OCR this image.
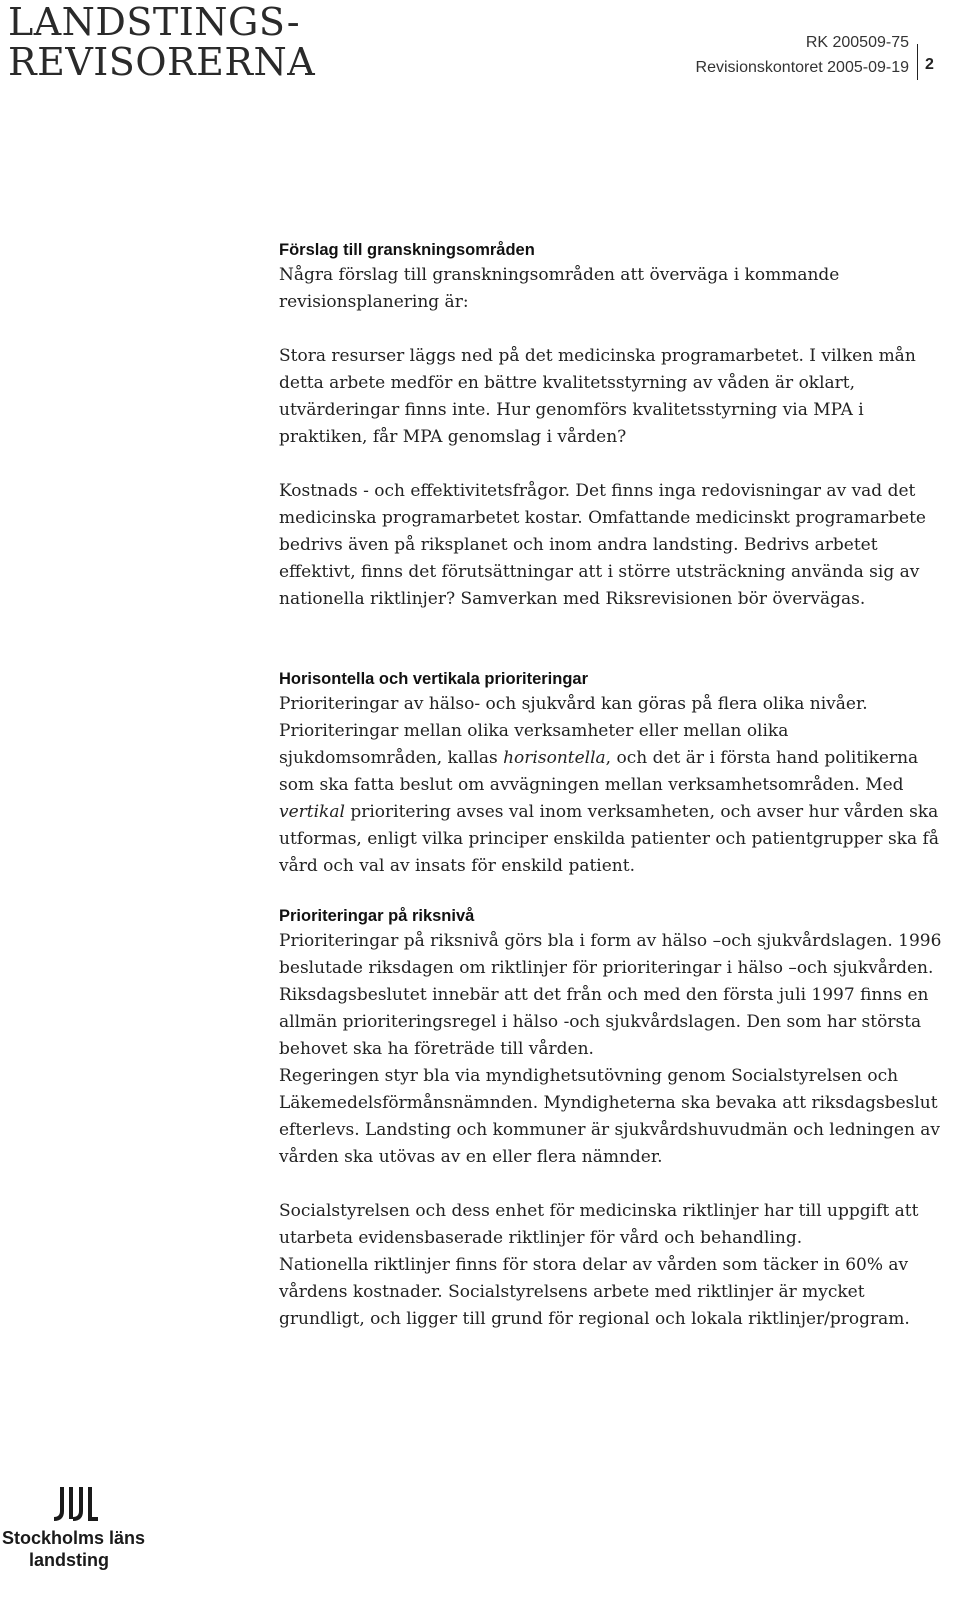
LANDSTINGS-
REVISORERNA	RK 200509-75
Revisionskontoret 2005-09-19 2
Förslag till granskningsområden

Några förslag till granskningsområden att överväga i kommande revisionsplanering är:

Stora resurser läggs ned på det medicinska programarbetet. I vilken mån detta arbete medför en bättre kvalitetsstyrning av våden är oklart, utvärderingar finns inte. Hur genomförs kvalitetsstyrning via MPA i praktiken, får MPA genomslag i vården?

Kostnads - och effektivitetsfrågor. Det finns inga redovisningar av vad det medicinska programarbetet kostar. Omfattande medicinskt programarbete bedrivs även på riksplanet och inom andra landsting. Bedrivs arbetet effektivt, finns det förutsättningar att i större utsträckning använda sig av nationella riktlinjer? Samverkan med Riksrevisionen bör övervägas.

Horisontella och vertikala prioriteringar

Prioriteringar av hälso- och sjukvård kan göras på flera olika nivåer. Prioriteringar mellan olika verksamheter eller mellan olika sjukdomsområden, kallas horisontella, och det är i första hand politikerna som ska fatta beslut om avvägningen mellan verksamhetsområden. Med vertikal prioritering avses val inom verksamheten, och avser hur vården ska utformas, enligt vilka principer enskilda patienter och patientgrupper ska få vård och val av insats för enskild patient.

Prioriteringar på riksnivå

Prioriteringar på riksnivå görs bla i form av hälso –och sjukvårdslagen. 1996 beslutade riksdagen om riktlinjer för prioriteringar i hälso –och sjukvården. Riksdagsbeslutet innebär att det från och med den första juli 1997 finns en allmän prioriteringsregel i hälso -och sjukvårdslagen. Den som har största behovet ska ha företräde till vården.

Regeringen styr bla via myndighetsutövning genom Socialstyrelsen och Läkemedelsförmånsnämnden. Myndigheterna ska bevaka att riksdagsbeslut efterlevs. Landsting och kommuner är sjukvårdshuvudmän och ledningen av vården ska utövas av en eller flera nämnder.

Socialstyrelsen och dess enhet för medicinska riktlinjer har till uppgift att utarbeta evidensbaserade riktlinjer för vård och behandling.

Nationella riktlinjer finns för stora delar av vården som täcker in 60% av vårdens kostnader. Socialstyrelsens arbete med riktlinjer är mycket grundligt, och ligger till grund för regional och lokala riktlinjer/program.

Stockholms läns
landsting
